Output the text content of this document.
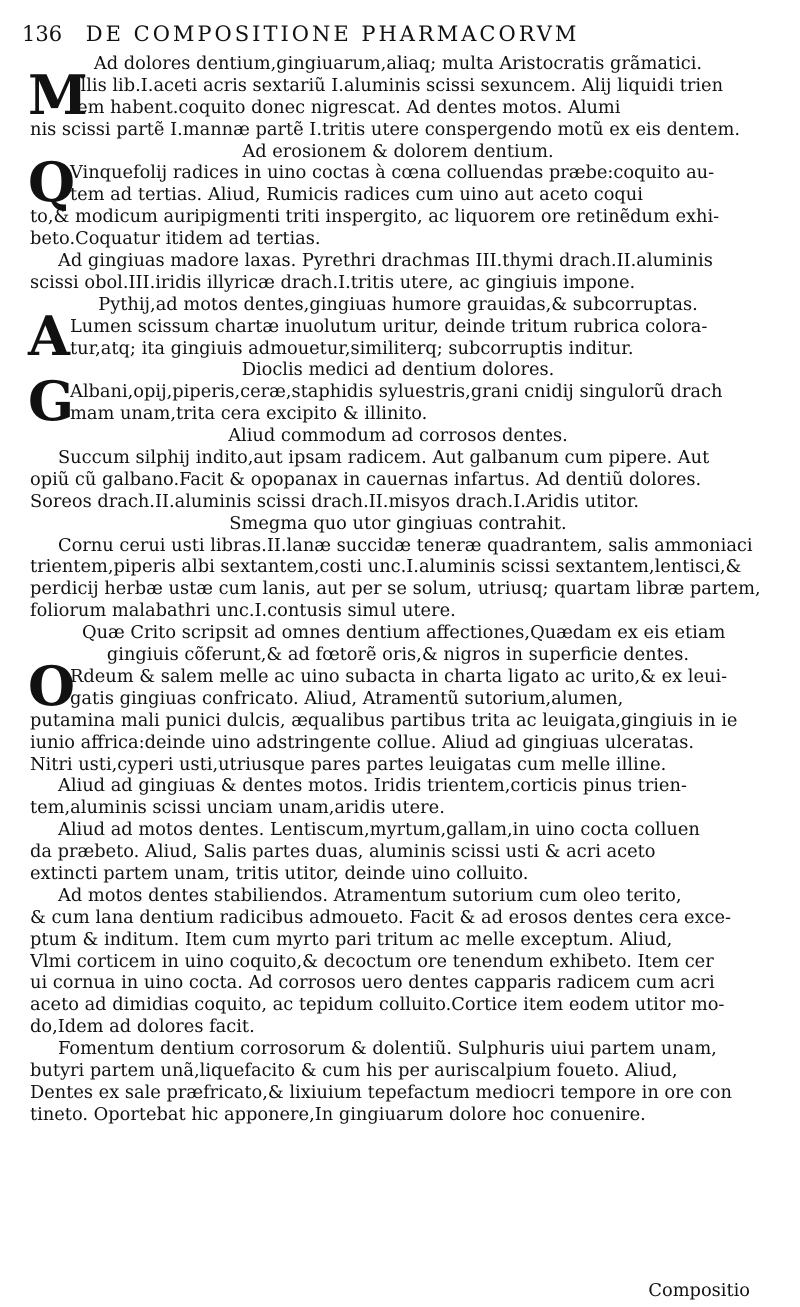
136 DE COMPOSITIONE PHARMACORVM
Ad dolores dentium,gingiuarum,aliaq; multa Aristocratis grãmatici.
M
ellis lib.I.aceti acris sextariũ I.aluminis scissi sexuncem. Alij liquidi trien
tem habent.coquito donec nigrescat. Ad dentes motos. Alumi
nis scissi partẽ I.mannæ partẽ I.tritis utere conspergendo motũ ex eis dentem.
Ad erosionem & dolorem dentium.
Q
Vinquefolij radices in uino coctas à cœna colluendas præbe:coquito au-
tem ad tertias. Aliud, Rumicis radices cum uino aut aceto coqui
to,& modicum auripigmenti triti inspergito, ac liquorem ore retinẽdum exhi-
beto.Coquatur itidem ad tertias.
Ad gingiuas madore laxas. Pyrethri drachmas III.thymi drach.II.aluminis
scissi obol.III.iridis illyricæ drach.I.tritis utere, ac gingiuis impone.
Pythij,ad motos dentes,gingiuas humore grauidas,& subcorruptas.
A Lumen scissum chartæ inuolutum uritur, deinde tritum rubrica colora-
tur,atq; ita gingiuis admouetur,similiterq; subcorruptis inditur.
Dioclis medici ad dentium dolores.
G
Albani,opij,piperis,ceræ,staphidis syluestris,grani cnidij singulorũ drach
mam unam,trita cera excipito & illinito.
Aliud commodum ad corrosos dentes.
Succum silphij indito,aut ipsam radicem. Aut galbanum cum pipere. Aut
opiũ cũ galbano.Facit & opopanax in cauernas infartus. Ad dentiũ dolores.
Soreos drach.II.aluminis scissi drach.II.misyos drach.I.Aridis utitor.
Smegma quo utor gingiuas contrahit.
Cornu cerui usti libras.II.lanæ succidæ teneræ quadrantem, salis ammoniaci
trientem,piperis albi sextantem,costi unc.I.aluminis scissi sextantem,lentisci,&
perdicij herbæ ustæ cum lanis, aut per se solum, utriusq; quartam libræ partem,
foliorum malabathri unc.I.contusis simul utere.
Quæ Crito scripsit ad omnes dentium affectiones,Quædam ex eis etiam
gingiuis cõferunt,& ad fœtorẽ oris,& nigros in superficie dentes.
O
Rdeum & salem melle ac uino subacta in charta ligato ac urito,& ex leui-
gatis gingiuas confricato. Aliud, Atramentũ sutorium,alumen,
putamina mali punici dulcis, æqualibus partibus trita ac leuigata,gingiuis in ie
iunio affrica:deinde uino adstringente collue. Aliud ad gingiuas ulceratas.
Nitri usti,cyperi usti,utriusque pares partes leuigatas cum melle illine.
Aliud ad gingiuas & dentes motos. Iridis trientem,corticis pinus trien-
tem,aluminis scissi unciam unam,aridis utere.
Aliud ad motos dentes. Lentiscum,myrtum,gallam,in uino cocta colluen
da præbeto. Aliud, Salis partes duas, aluminis scissi usti & acri aceto
extincti partem unam, tritis utitor, deinde uino colluito.
Ad motos dentes stabiliendos. Atramentum sutorium cum oleo terito,
& cum lana dentium radicibus admoueto. Facit & ad erosos dentes cera exce-
ptum & inditum. Item cum myrto pari tritum ac melle exceptum. Aliud,
Vlmi corticem in uino coquito,& decoctum ore tenendum exhibeto. Item cer
ui cornua in uino cocta. Ad corrosos uero dentes capparis radicem cum acri
aceto ad dimidias coquito, ac tepidum colluito.Cortice item eodem utitor mo-
do,Idem ad dolores facit.
Fomentum dentium corrosorum & dolentiũ. Sulphuris uiui partem unam,
butyri partem unã,liquefacito & cum his per auriscalpium foueto. Aliud,
Dentes ex sale præfricato,& lixiuium tepefactum mediocri tempore in ore con
tineto. Oportebat hic apponere,In gingiuarum dolore hoc conuenire.
Compositio
